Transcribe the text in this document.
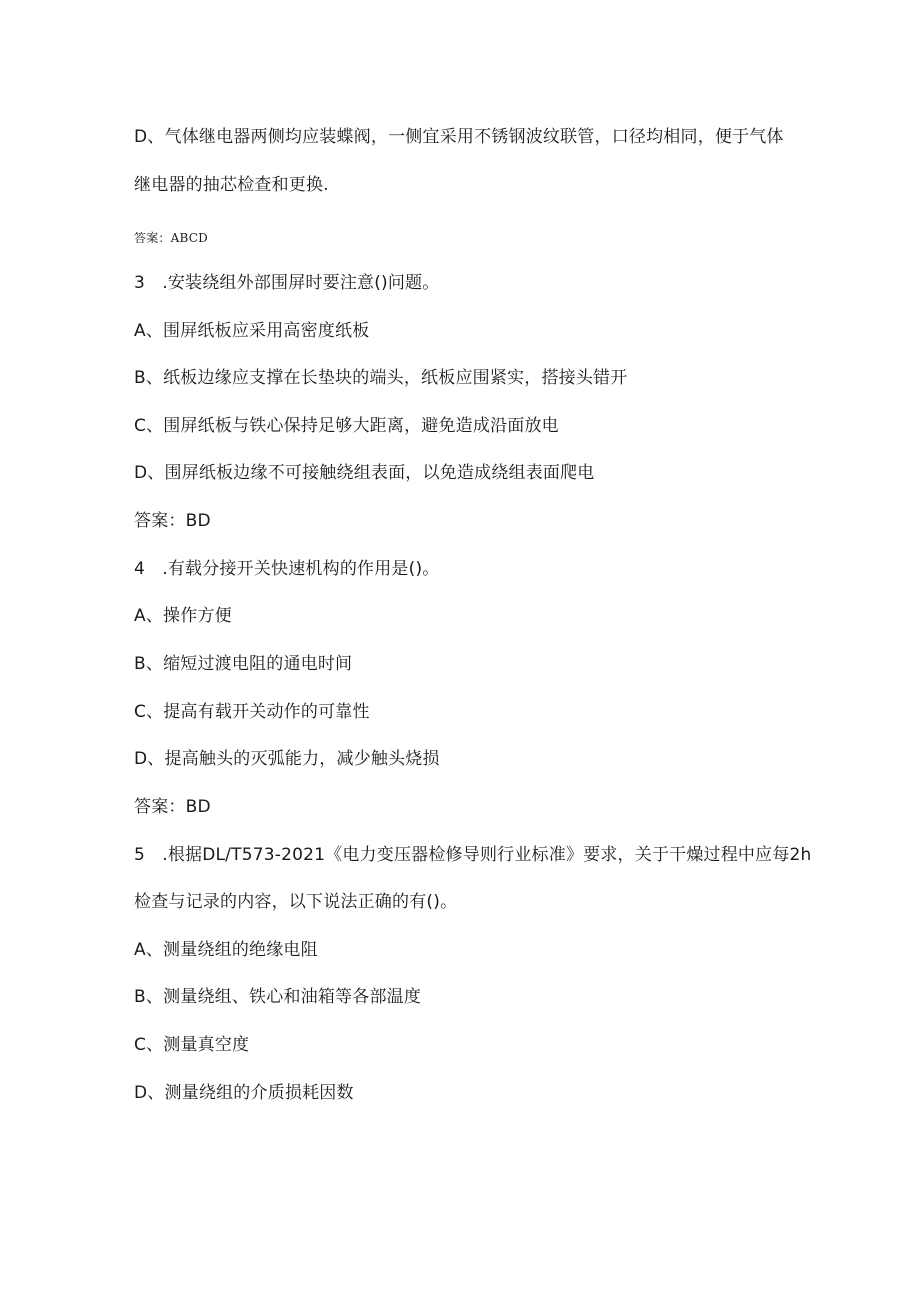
D、气体继电器两侧均应装蝶阀，一侧宜采用不锈钢波纹联管，口径均相同，便于气体
继电器的抽芯检查和更换.
答案：ABCD
3　.安装绕组外部围屏时要注意()问题。
A、围屏纸板应采用高密度纸板
B、纸板边缘应支撑在长垫块的端头，纸板应围紧实，搭接头错开
C、围屏纸板与铁心保持足够大距离，避免造成沿面放电
D、围屏纸板边缘不可接触绕组表面，以免造成绕组表面爬电
答案：BD
4　.有载分接开关快速机构的作用是()。
A、操作方便
B、缩短过渡电阻的通电时间
C、提高有载开关动作的可靠性
D、提高触头的灭弧能力，减少触头烧损
答案：BD
5　.根据DL/T573-2021《电力变压器检修导则行业标准》要求，关于干燥过程中应每2h
检查与记录的内容，以下说法正确的有()。
A、测量绕组的绝缘电阻
B、测量绕组、铁心和油箱等各部温度
C、测量真空度
D、测量绕组的介质损耗因数
